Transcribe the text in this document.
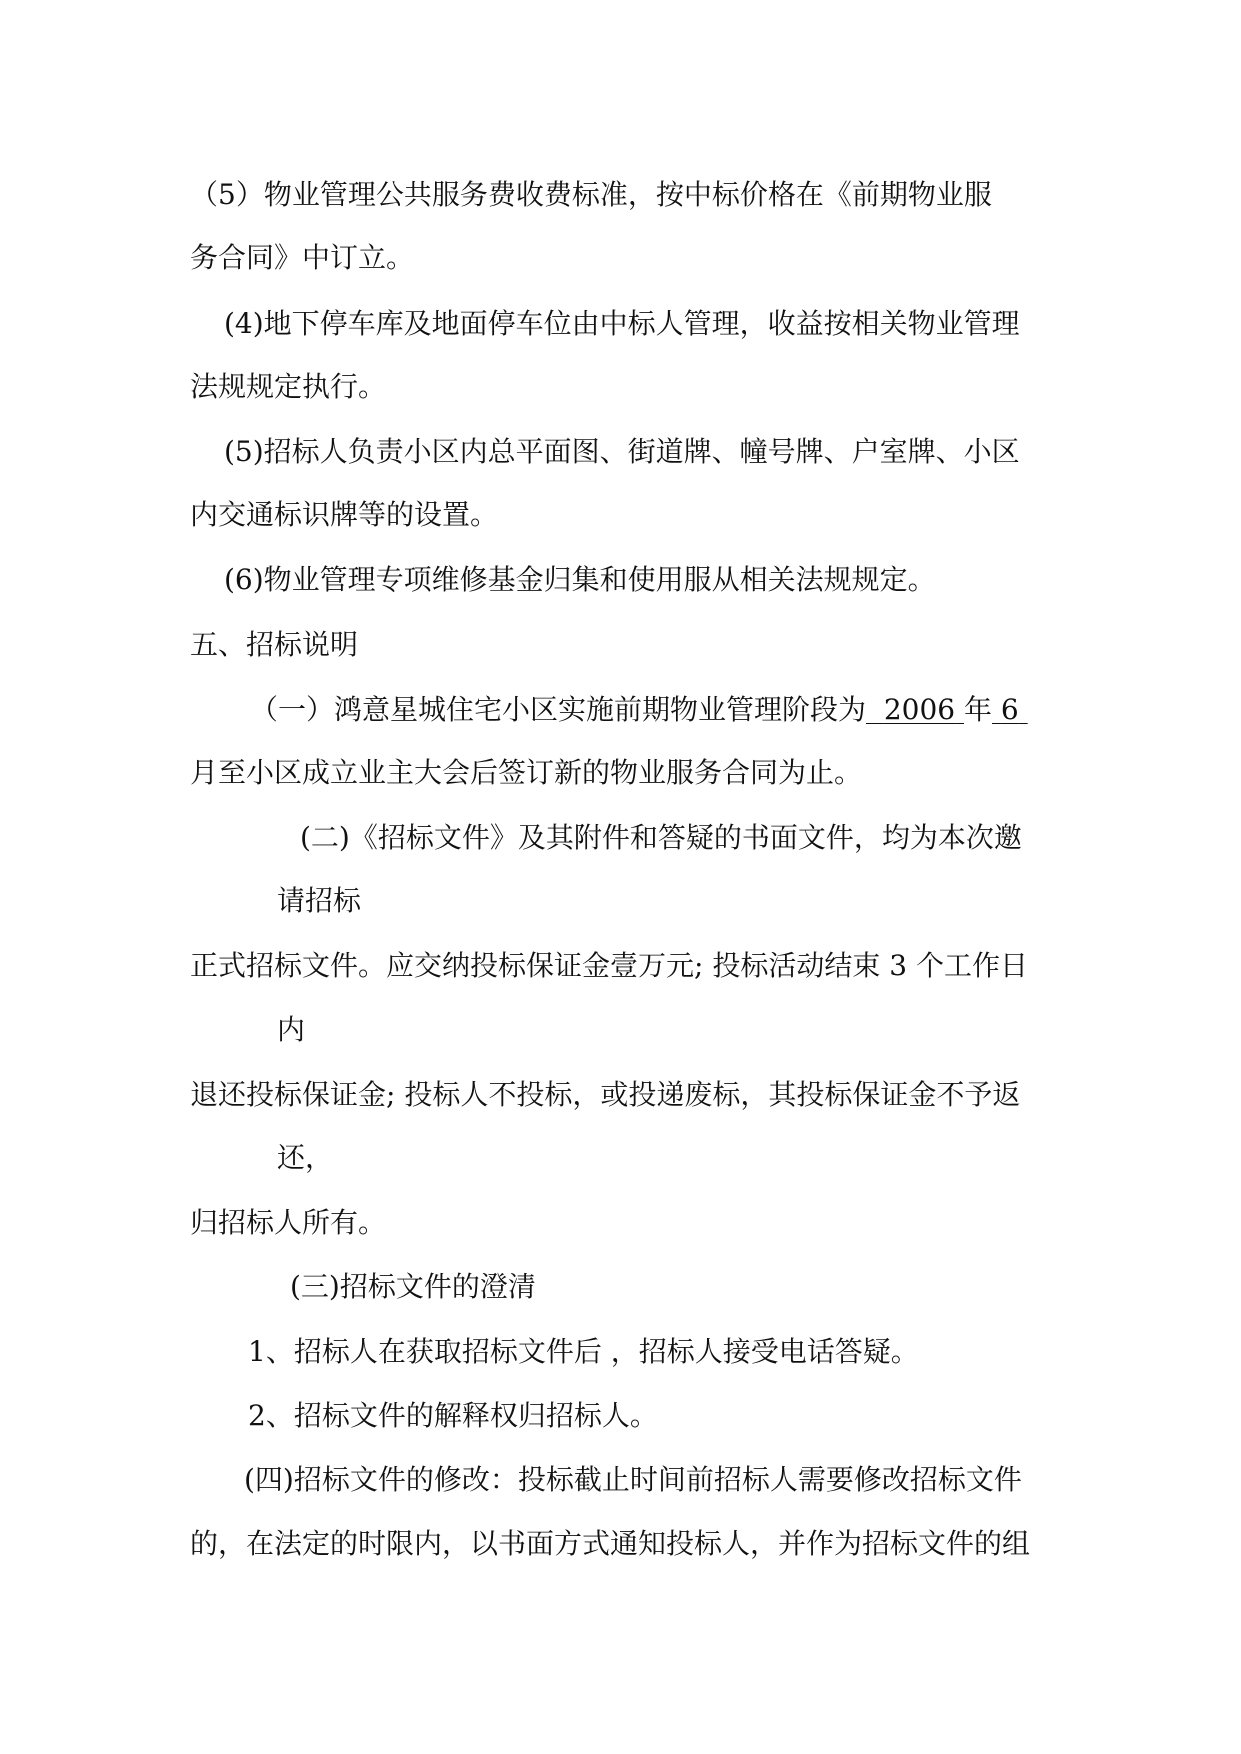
（5）物业管理公共服务费收费标准，按中标价格在《前期物业服
务合同》中订立。
(4)地下停车库及地面停车位由中标人管理，收益按相关物业管理
法规规定执行。
(5)招标人负责小区内总平面图、街道牌、幢号牌、户室牌、小区
内交通标识牌等的设置。
(6)物业管理专项维修基金归集和使用服从相关法规规定。
五、招标说明
（一）鸿意星城住宅小区实施前期物业管理阶段为 2006 年 6
月至小区成立业主大会后签订新的物业服务合同为止。
(二)《招标文件》及其附件和答疑的书面文件，均为本次邀
请招标
正式招标文件。应交纳投标保证金壹万元; 投标活动结束 3 个工作日
内
退还投标保证金; 投标人不投标，或投递废标，其投标保证金不予返
还，
归招标人所有。
(三)招标文件的澄清
1、招标人在获取招标文件后 ，招标人接受电话答疑。
2、招标文件的解释权归招标人。
(四)招标文件的修改：投标截止时间前招标人需要修改招标文件
的，在法定的时限内，以书面方式通知投标人，并作为招标文件的组
